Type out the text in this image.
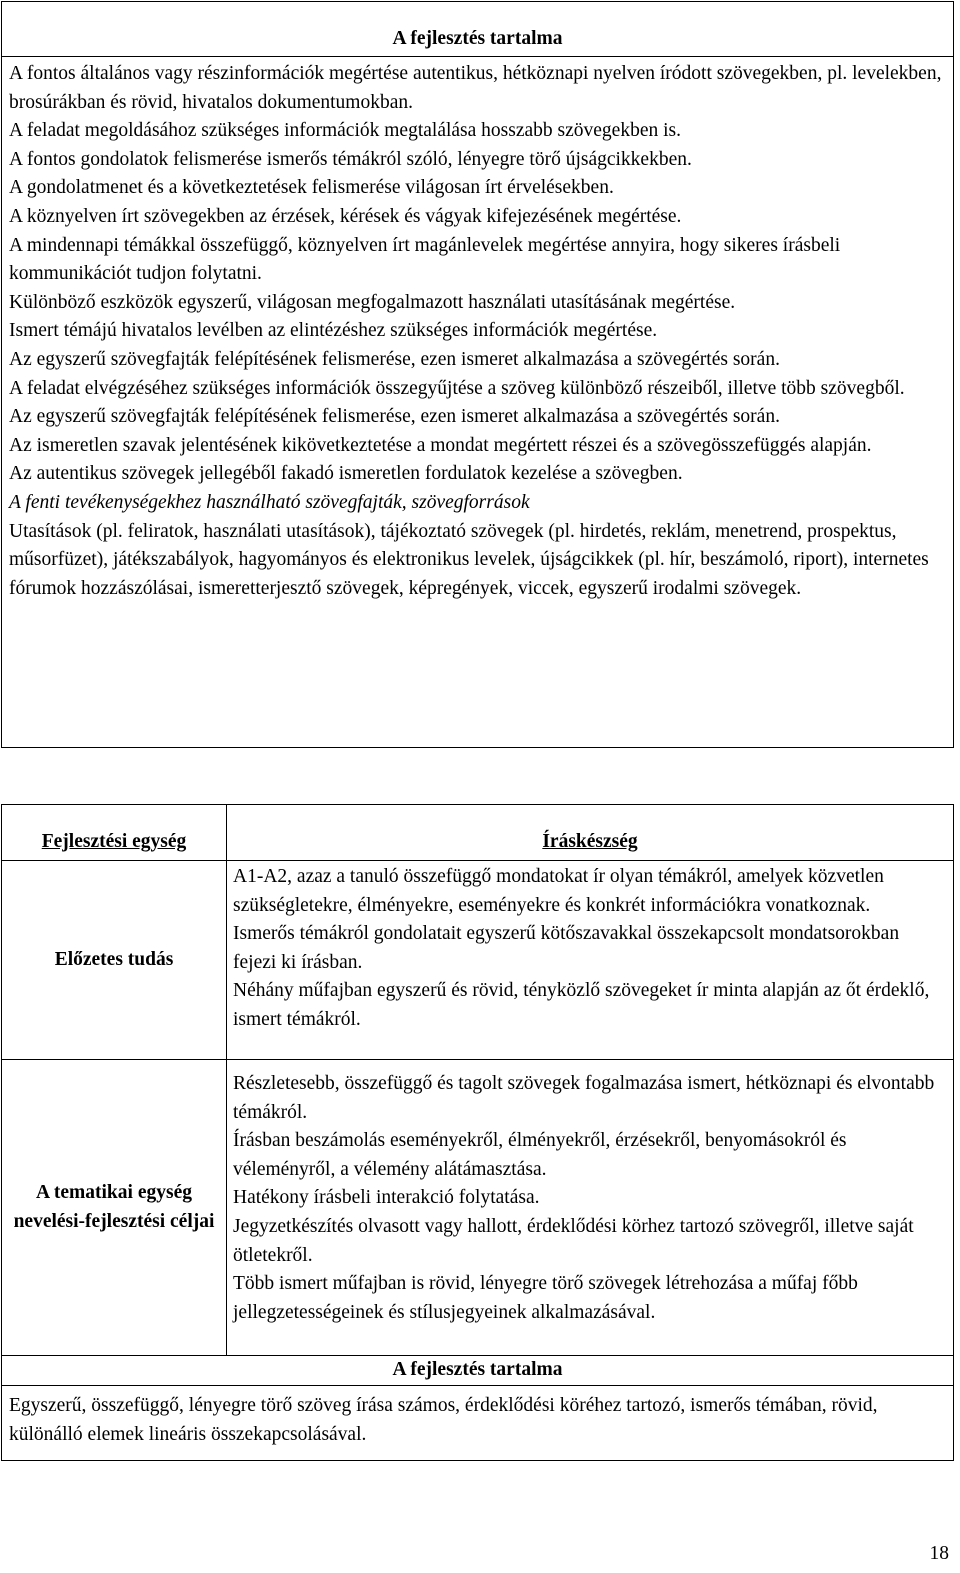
A fejlesztés tartalma

A fontos általános vagy részinformációk megértése autentikus, hétköznapi nyelven íródott szövegekben, pl. levelekben, brosúrákban és rövid, hivatalos dokumentumokban.

A feladat megoldásához szükséges információk megtalálása hosszabb szövegekben is.

A fontos gondolatok felismerése ismerős témákról szóló, lényegre törő újságcikkekben.

A gondolatmenet és a következtetések felismerése világosan írt érvelésekben.

A köznyelven írt szövegekben az érzések, kérések és vágyak kifejezésének megértése.

A mindennapi témákkal összefüggő, köznyelven írt magánlevelek megértése annyira, hogy sikeres írásbeli kommunikációt tudjon folytatni.

Különböző eszközök egyszerű, világosan megfogalmazott használati utasításának megértése.

Ismert témájú hivatalos levélben az elintézéshez szükséges információk megértése.

Az egyszerű szövegfajták felépítésének felismerése, ezen ismeret alkalmazása a szövegértés során.

A feladat elvégzéséhez szükséges információk összegyűjtése a szöveg különböző részeiből, illetve több szövegből.

Az egyszerű szövegfajták felépítésének felismerése, ezen ismeret alkalmazása a szövegértés során.

Az ismeretlen szavak jelentésének kikövetkeztetése a mondat megértett részei és a szövegösszefüggés alapján.

Az autentikus szövegek jellegéből fakadó ismeretlen fordulatok kezelése a szövegben.

A fenti tevékenységekhez használható szövegfajták, szövegforrások

Utasítások (pl. feliratok, használati utasítások), tájékoztató szövegek (pl. hirdetés, reklám, menetrend, prospektus, műsorfüzet), játékszabályok, hagyományos és elektronikus levelek, újságcikkek (pl. hír, beszámoló, riport), internetes fórumok hozzászólásai, ismeretterjesztő szövegek, képregények, viccek, egyszerű irodalmi szövegek.

Fejlesztési egység	Íráskészség
Előzetes tudás	A1-A2, azaz a tanuló összefüggő mondatokat ír olyan témákról, amelyek közvetlen szükségletekre, élményekre, eseményekre és konkrét információkra vonatkoznak.

Ismerős témákról gondolatait egyszerű kötőszavakkal összekapcsolt mondatsorokban fejezi ki írásban.

Néhány műfajban egyszerű és rövid, tényközlő szövegeket ír minta alapján az őt érdeklő, ismert témákról.

A tematikai egység nevelési-fejlesztési céljai	Részletesebb, összefüggő és tagolt szövegek fogalmazása ismert, hétköznapi és elvontabb témákról.

Írásban beszámolás eseményekről, élményekről, érzésekről, benyomásokról és véleményről, a vélemény alátámasztása.

Hatékony írásbeli interakció folytatása.

Jegyzetkészítés olvasott vagy hallott, érdeklődési körhez tartozó szövegről, illetve saját ötletekről.

Több ismert műfajban is rövid, lényegre törő szövegek létrehozása a műfaj főbb jellegzetességeinek és stílusjegyeinek alkalmazásával.

A fejlesztés tartalma	
Egyszerű, összefüggő, lényegre törő szöveg írása számos, érdeklődési köréhez tartozó, ismerős témában, rövid, különálló elemek lineáris összekapcsolásával.	
18
